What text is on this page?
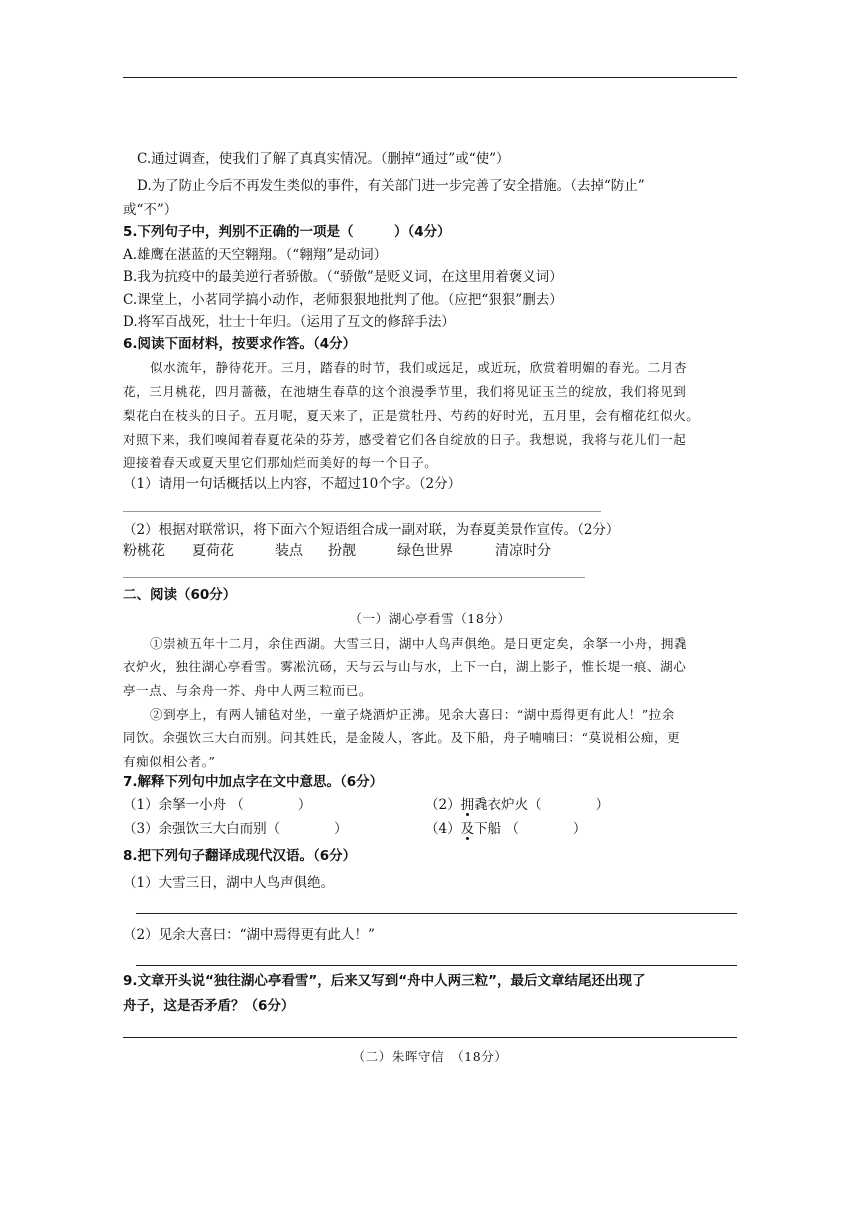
C.通过调查，使我们了解了真真实情况。（删掉“通过”或“使”）
D.为了防止今后不再发生类似的事件，有关部门进一步完善了安全措施。（去掉“防止”
或“不”）
5.下列句子中，判别不正确的一项是（　　　）（4分）
A.雄鹰在湛蓝的天空翱翔。（“翱翔”是动词）
B.我为抗疫中的最美逆行者骄傲。（“骄傲”是贬义词，在这里用着褒义词）
C.课堂上，小茗同学搞小动作，老师狠狠地批判了他。（应把“狠狠”删去）
D.将军百战死，壮士十年归。（运用了互文的修辞手法）
6.阅读下面材料，按要求作答。（4分）
似水流年，静待花开。三月，踏春的时节，我们或远足，或近玩，欣赏着明媚的春光。二月杏
花，三月桃花，四月蔷薇，在池塘生春草的这个浪漫季节里，我们将见证玉兰的绽放，我们将见到
梨花白在枝头的日子。五月呢，夏天来了，正是赏牡丹、芍药的好时光，五月里，会有榴花红似火。
对照下来，我们嗅闻着春夏花朵的芬芳，感受着它们各自绽放的日子。我想说，我将与花儿们一起
迎接着春天或夏天里它们那灿烂而美好的每一个日子。
（1）请用一句话概括以上内容，不超过10个字。（2分）
（2）根据对联常识，将下面六个短语组合成一副对联，为春夏美景作宣传。（2分）
粉桃花 夏荷花	装点 扮靓	绿色世界	清凉时分
二、阅读（60分）
（一）湖心亭看雪（18分）
①崇祯五年十二月，余住西湖。大雪三日，湖中人鸟声俱绝。是日更定矣，余拏一小舟，拥毳
衣炉火，独往湖心亭看雪。雾凇沆砀，天与云与山与水，上下一白，湖上影子，惟长堤一痕、湖心
亭一点、与余舟一芥、舟中人两三粒而已。
②到亭上，有两人铺毡对坐，一童子烧酒炉正沸。见余大喜曰：“湖中焉得更有此人！”拉余
同饮。余强饮三大白而别。问其姓氏，是金陵人，客此。及下船，舟子喃喃曰：“莫说相公痴，更
有痴似相公者。”
7.解释下列句中加点字在文中意思。（6分）
（1）余拏一小舟 （　　　　）	（2）拥毳衣炉火（　　　　）
（3）余强饮三大白而别（　　　　）	（4）及下船 （　　　　）
8.把下列句子翻译成现代汉语。（6分）
（1）大雪三日，湖中人鸟声俱绝。
（2）见余大喜曰：“湖中焉得更有此人！”
9.文章开头说“独往湖心亭看雪”，后来又写到“舟中人两三粒”，最后文章结尾还出现了
舟子，这是否矛盾？（6分）
（二）朱晖守信　（18分）
